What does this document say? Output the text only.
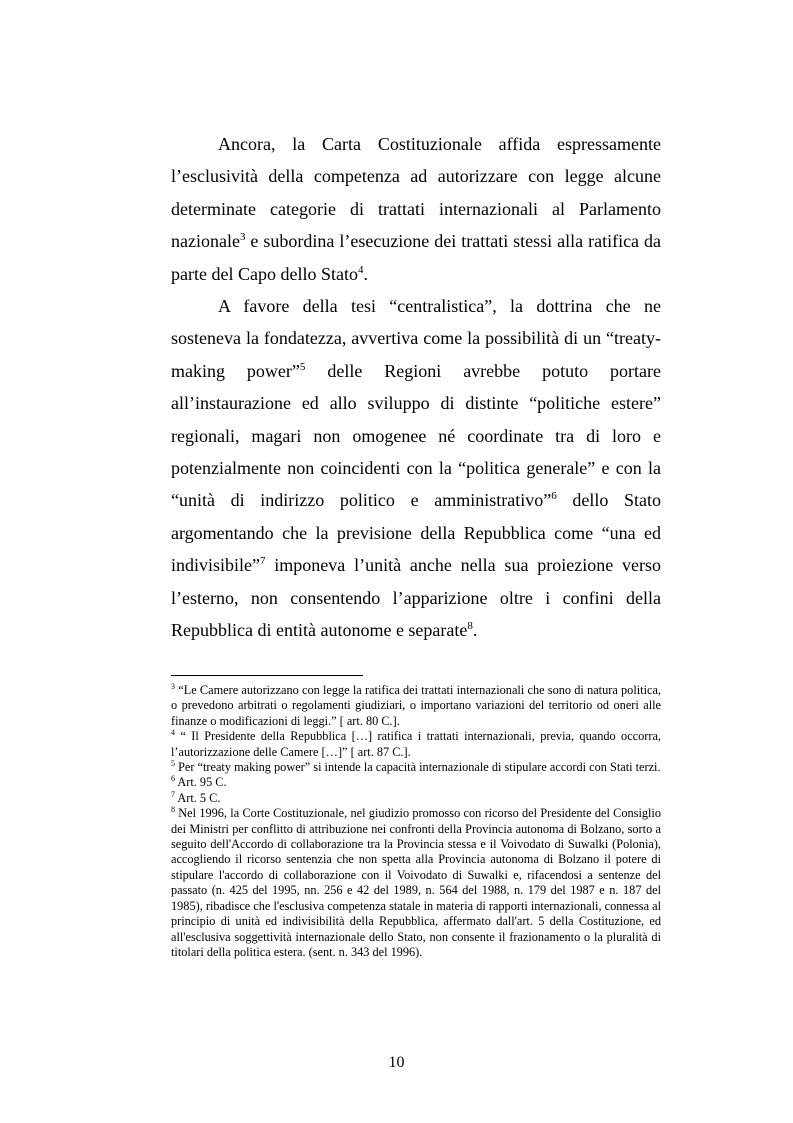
Ancora, la Carta Costituzionale affida espressamente l’esclusività della competenza ad autorizzare con legge alcune determinate categorie di trattati internazionali al Parlamento nazionale$^3$ e subordina l’esecuzione dei trattati stessi alla ratifica da parte del Capo dello Stato$^4$.

A favore della tesi “centralistica”, la dottrina che ne sosteneva la fondatezza, avvertiva come la possibilità di un “treaty-making power”$^5$ delle Regioni avrebbe potuto portare all’instaurazione ed allo sviluppo di distinte “politiche estere” regionali, magari non omogenee né coordinate tra di loro e potenzialmente non coincidenti con la “politica generale” e con la “unità di indirizzo politico e amministrativo”$^6$ dello Stato argomentando che la previsione della Repubblica come “una ed indivisibile”$^7$ imponeva l’unità anche nella sua proiezione verso l’esterno, non consentendo l’apparizione oltre i confini della Repubblica di entità autonome e separate$^8$.

$^3$ “Le Camere autorizzano con legge la ratifica dei trattati internazionali che sono di natura politica, o prevedono arbitrati o regolamenti giudiziari, o importano variazioni del territorio od oneri alle finanze o modificazioni di leggi.” [ art. 80 C.].

$^4$ “ Il Presidente della Repubblica […] ratifica i trattati internazionali, previa, quando occorra, l’autorizzazione delle Camere […]” [ art. 87 C.].

$^5$ Per “treaty making power” si intende la capacità internazionale di stipulare accordi con Stati terzi.

$^6$ Art. 95 C.

$^7$ Art. 5 C.

$^8$ Nel 1996, la Corte Costituzionale, nel giudizio promosso con ricorso del Presidente del Consiglio dei Ministri per conflitto di attribuzione nei confronti della Provincia autonoma di Bolzano, sorto a seguito dell'Accordo di collaborazione tra la Provincia stessa e il Voivodato di Suwalki (Polonia), accogliendo il ricorso sentenzia che non spetta alla Provincia autonoma di Bolzano il potere di stipulare l'accordo di collaborazione con il Voivodato di Suwalki e, rifacendosi a sentenze del passato (n. 425 del 1995, nn. 256 e 42 del 1989, n. 564 del 1988, n. 179 del 1987 e n. 187 del 1985), ribadisce che l'esclusiva competenza statale in materia di rapporti internazionali, connessa al principio di unità ed indivisibilità della Repubblica, affermato dall'art. 5 della Costituzione, ed all'esclusiva soggettività internazionale dello Stato, non consente il frazionamento o la pluralità di titolari della politica estera. (sent. n. 343 del 1996).

10
